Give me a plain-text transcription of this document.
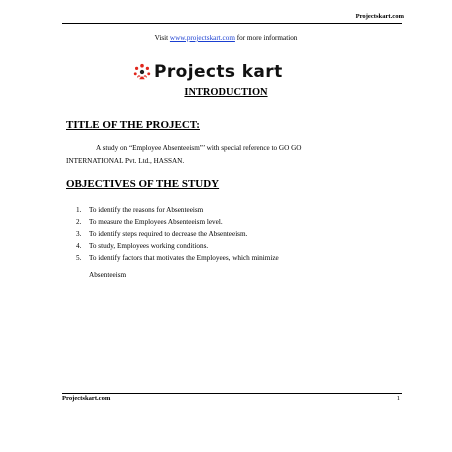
Projectskart.com
Visit www.projectskart.com for more information
Projects kart
INTRODUCTION
TITLE OF THE PROJECT:
A study on “Employee Absenteeism”’ with special reference to GO GO
INTERNATIONAL Pvt. Ltd., HASSAN.
OBJECTIVES OF THE STUDY
1. To identify the reasons for Absenteeism
2. To measure the Employees Absenteeism level.
3. To identify steps required to decrease the Absenteeism.
4. To study, Employees working conditions.
5. To identify factors that motivates the Employees, which minimize
Absenteeism
Projectskart.com	1
